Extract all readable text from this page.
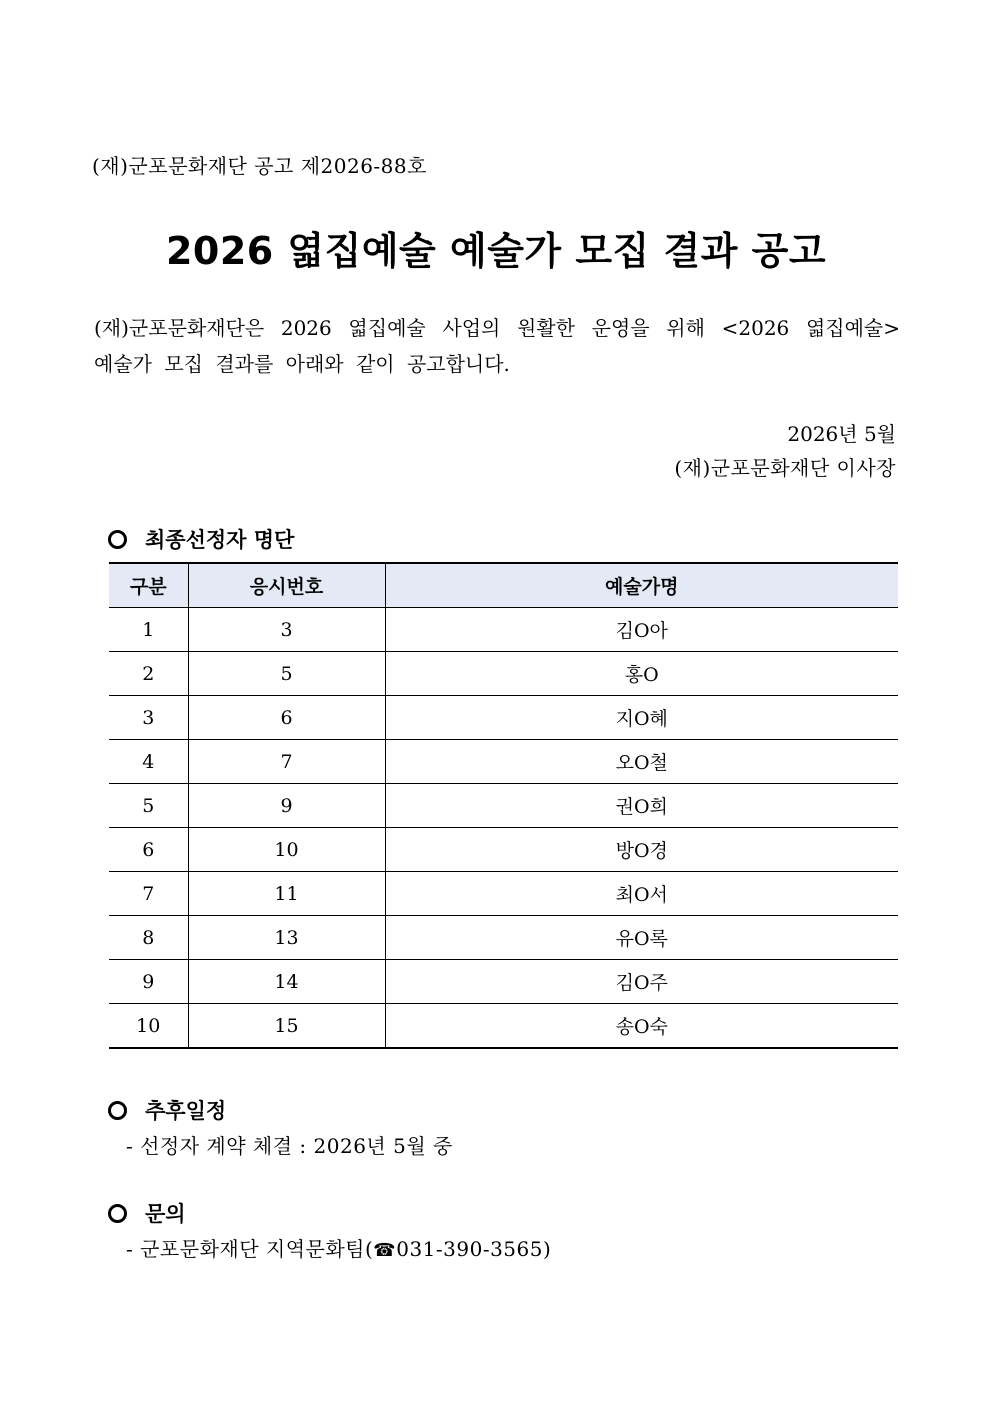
(재)군포문화재단 공고 제2026-88호
2026 엷집예술 예술가 모집 결과 공고
(재)군포문화재단은 2026 엷집예술 사업의 원활한 운영을 위해 <2026 엷집예술>
예술가 모집 결과를 아래와 같이 공고합니다.
2026년 5월
(재)군포문화재단 이사장
최종선정자 명단
구분	응시번호	예술가명
1	3	김O아
2	5	홍O
3	6	지O혜
4	7	오O철
5	9	권O희
6	10	방O경
7	11	최O서
8	13	유O록
9	14	김O주
10	15	송O숙
추후일정
- 선정자 계약 체결 : 2026년 5월 중
문의
- 군포문화재단 지역문화팀(☎031-390-3565)
